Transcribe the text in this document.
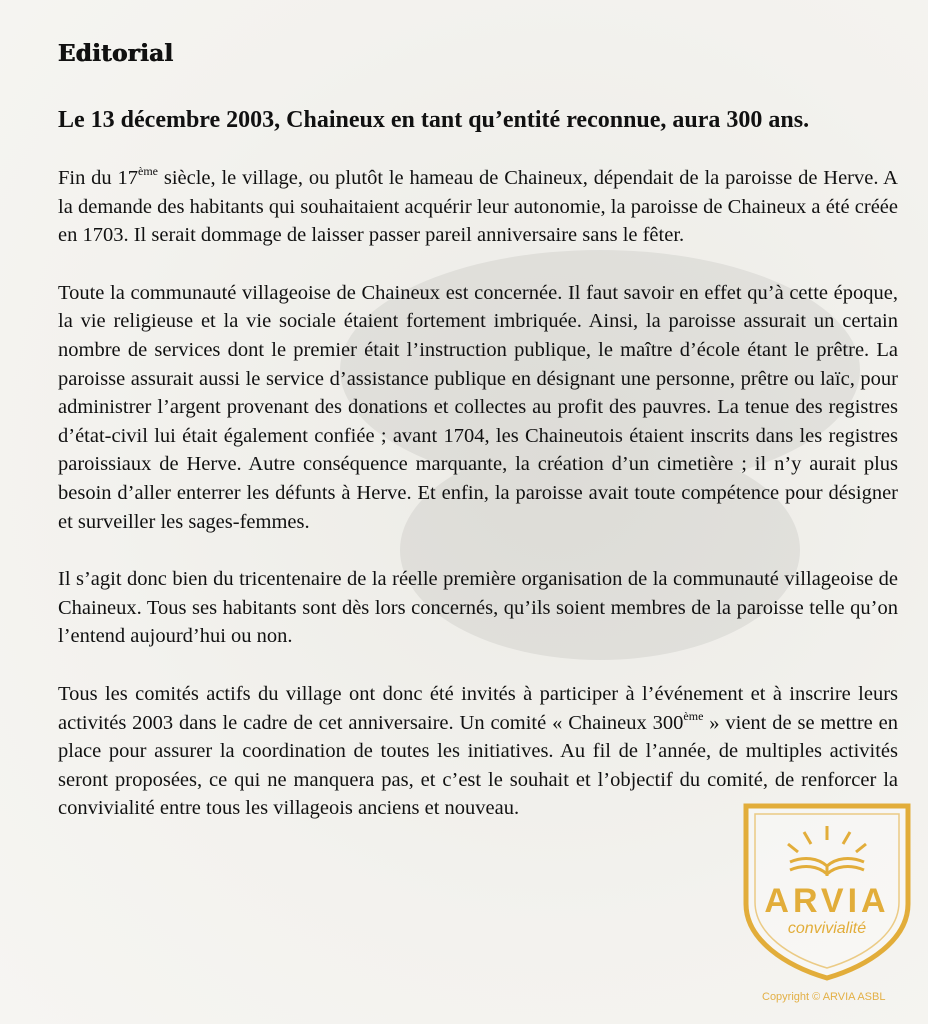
Editorial

Le 13 décembre 2003, Chaineux en tant qu’entité reconnue, aura 300 ans.

Fin du 17ème siècle, le village, ou plutôt le hameau de Chaineux, dépendait de la paroisse de Herve. A la demande des habitants qui souhaitaient acquérir leur autonomie, la paroisse de Chaineux a été créée en 1703. Il serait dommage de laisser passer pareil anniversaire sans le fêter.

Toute la communauté villageoise de Chaineux est concernée. Il faut savoir en effet qu’à cette époque, la vie religieuse et la vie sociale étaient fortement imbriquée. Ainsi, la paroisse assurait un certain nombre de services dont le premier était l’instruction publique, le maître d’école étant le prêtre. La paroisse assurait aussi le service d’assistance publique en désignant une personne, prêtre ou laïc, pour administrer l’argent provenant des donations et collectes au profit des pauvres. La tenue des registres d’état-civil lui était également confiée ; avant 1704, les Chaineutois étaient inscrits dans les registres paroissiaux de Herve. Autre conséquence marquante, la création d’un cimetière ; il n’y aurait plus besoin d’aller enterrer les défunts à Herve. Et enfin, la paroisse avait toute compétence pour désigner et surveiller les sages-femmes.

Il s’agit donc bien du tricentenaire de la réelle première organisation de la communauté villageoise de Chaineux. Tous ses habitants sont dès lors concernés, qu’ils soient membres de la paroisse telle qu’on l’entend aujourd’hui ou non.

Tous les comités actifs du village ont donc été invités à participer à l’événement et à inscrire leurs activités 2003 dans le cadre de cet anniversaire. Un comité « Chaineux 300ème » vient de se mettre en place pour assurer la coordination de toutes les initiatives. Au fil de l’année, de multiples activités seront proposées, ce qui ne manquera pas, et c’est le souhait et l’objectif du comité, de renforcer la convivialité entre tous les villageois anciens et nouveau.

ARVIA
convivialité
Copyright © ARVIA ASBL
